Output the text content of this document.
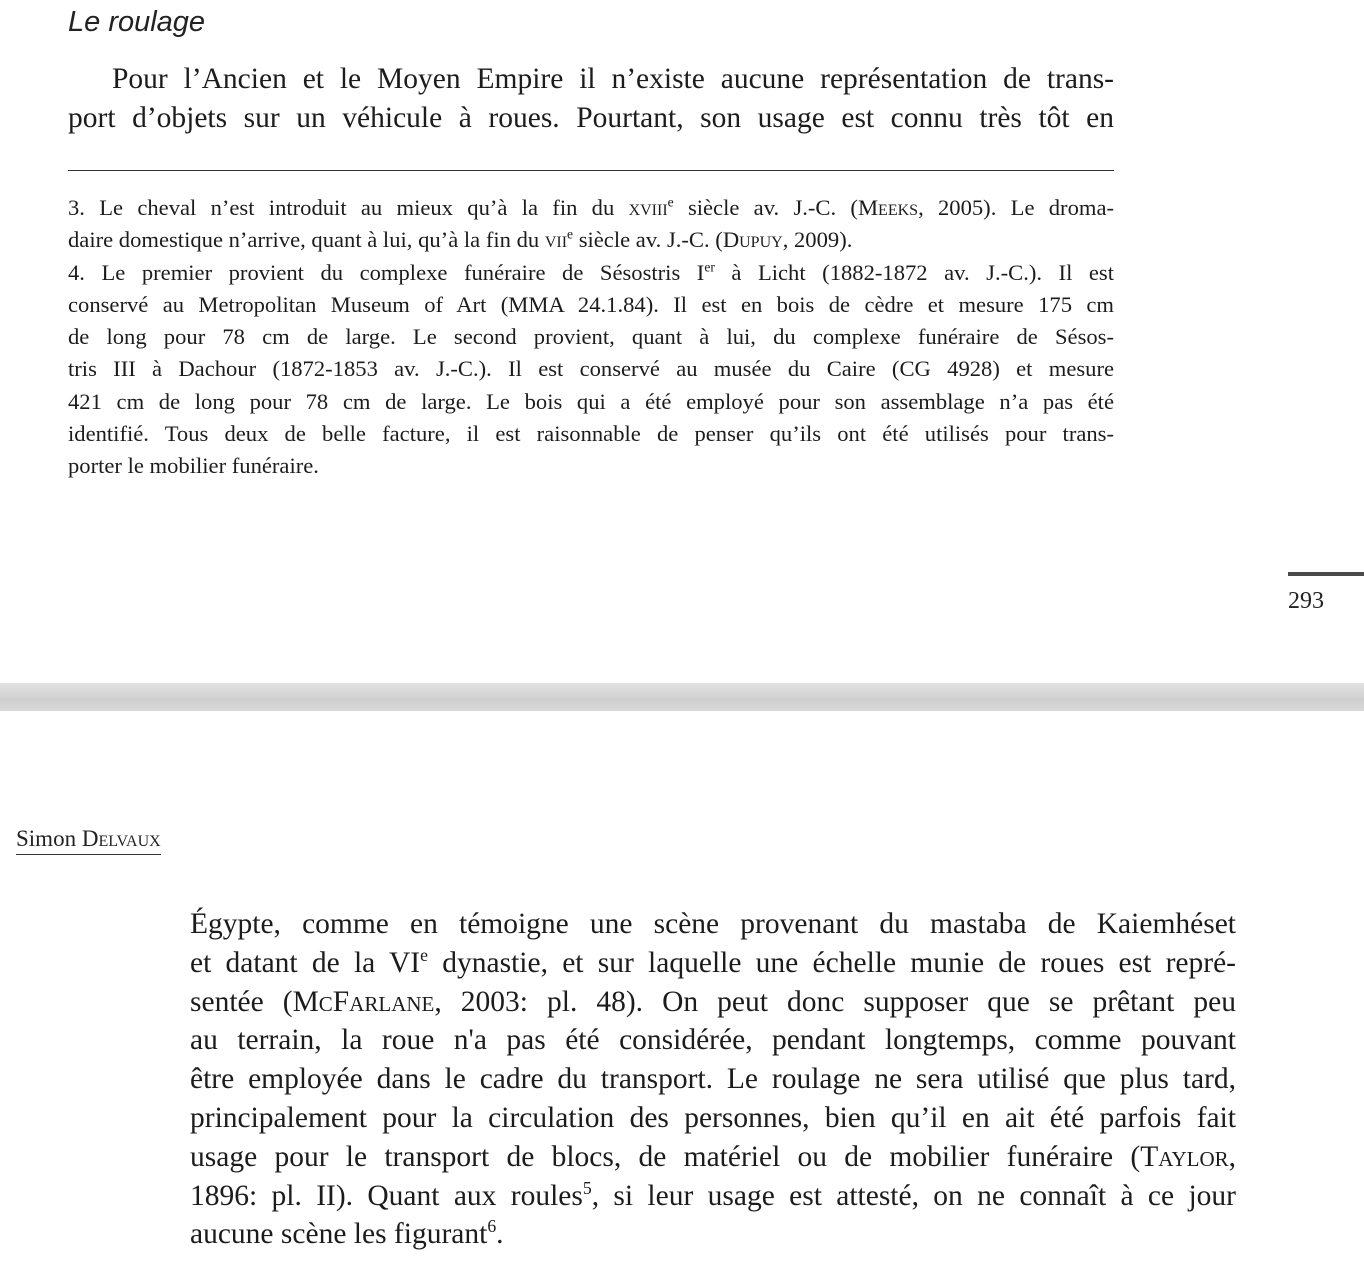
Le roulage
Pour l’Ancien et le Moyen Empire il n’existe aucune représentation de trans-
port d’objets sur un véhicule à roues. Pourtant, son usage est connu très tôt en
3. Le cheval n’est introduit au mieux qu’à la fin du xviii$^e$ siècle av. J.-C. (Meeks, 2005). Le droma-
daire domestique n’arrive, quant à lui, qu’à la fin du vii$^e$ siècle av. J.-C. (Dupuy, 2009).
4. Le premier provient du complexe funéraire de Sésostris Ier à Licht (1882-1872 av. J.-C.). Il est
conservé au Metropolitan Museum of Art (MMA 24.1.84). Il est en bois de cèdre et mesure 175 cm
de long pour 78 cm de large. Le second provient, quant à lui, du complexe funéraire de Sésos-
tris III à Dachour (1872-1853 av. J.-C.). Il est conservé au musée du Caire (CG 4928) et mesure
421 cm de long pour 78 cm de large. Le bois qui a été employé pour son assemblage n’a pas été
identifié. Tous deux de belle facture, il est raisonnable de penser qu’ils ont été utilisés pour trans-
porter le mobilier funéraire.
293
Simon Delvaux
Égypte, comme en témoigne une scène provenant du mastaba de Kaiemhéset
et datant de la VIe dynastie, et sur laquelle une échelle munie de roues est repré-
sentée (McFarlane, 2003: pl. 48). On peut donc supposer que se prêtant peu
au terrain, la roue n'a pas été considérée, pendant longtemps, comme pouvant
être employée dans le cadre du transport. Le roulage ne sera utilisé que plus tard,
principalement pour la circulation des personnes, bien qu’il en ait été parfois fait
usage pour le transport de blocs, de matériel ou de mobilier funéraire (Taylor,
1896: pl. II). Quant aux roules$^5$, si leur usage est attesté, on ne connaît à ce jour
aucune scène les figurant$^6$.
